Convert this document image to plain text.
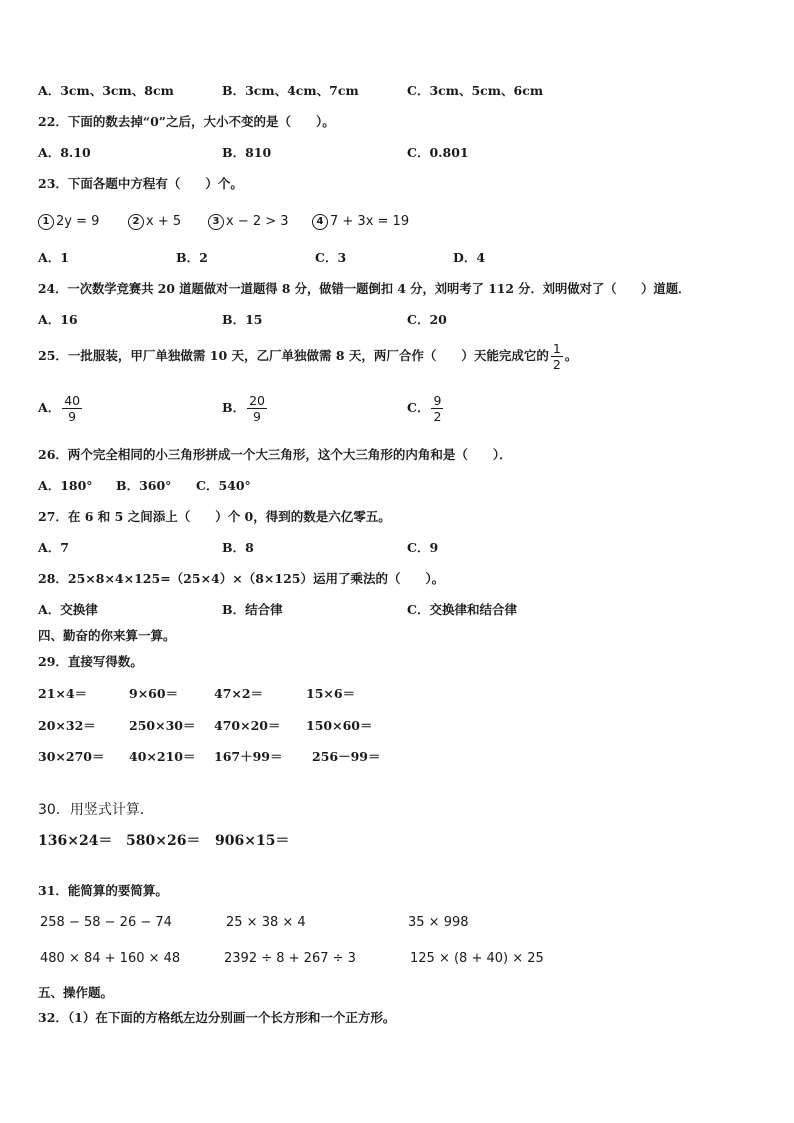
A．3cm、3cm、8cm	B．3cm、4cm、7cm	C．3cm、5cm、6cm
22．下面的数去掉“0”之后，大小不变的是（　　）。
A．8.10	B．810	C．0.801
23．下面各题中方程有（　　）个。
1 2y = 9	2 x + 5	3 x − 2 > 3	4 7 + 3x = 19
A．1	B．2	C．3	D．4
24．一次数学竞赛共 20 道题做对一道题得 8 分，做错一题倒扣 4 分，刘明考了 112 分．刘明做对了（　　）道题．
A．16	B．15	C．20
25．一批服装，甲厂单独做需 10 天，乙厂单独做需 8 天，两厂合作（　　）天能完成它的 $\frac{1}{2}$ 。
A． $\frac{40}{9}$	B． $\frac{20}{9}$	C． $\frac{9}{2}$
26．两个完全相同的小三角形拼成一个大三角形，这个大三角形的内角和是（　　）．
A．180° B．360° C．540°
27．在 6 和 5 之间添上（　　）个 0，得到的数是六亿零五。
A．7	B．8	C．9
28．25×8×4×125=（25×4）×（8×125）运用了乘法的（　　）。
A．交换律	B．结合律	C．交换律和结合律
四、勤奋的你来算一算。
29．直接写得数。
21×4＝	9×60＝	47×2＝	15×6＝
20×32＝	250×30＝ 470×20＝ 150×60＝
30×270＝ 40×210＝ 167＋99＝ 256－99＝
30．用竖式计算．
136×24＝ 580×26＝ 906×15＝
31．能简算的要简算。
258 − 58 − 26 − 74	25 × 38 × 4	35 × 998
480 × 84 + 160 × 48	2392 ÷ 8 + 267 ÷ 3	125 × (8 + 40) × 25
五、操作题。
32．（1）在下面的方格纸左边分别画一个长方形和一个正方形。
